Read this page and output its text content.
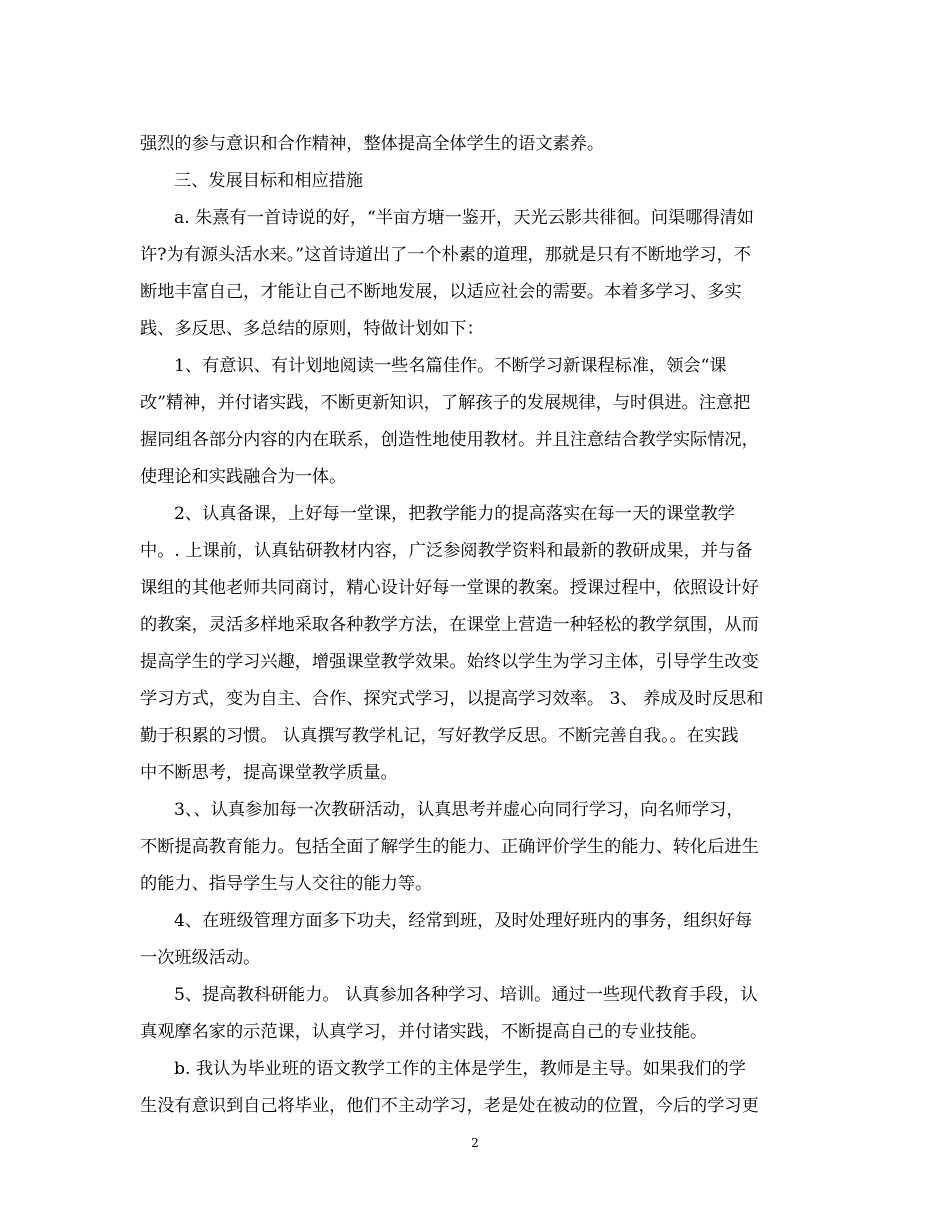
强烈的参与意识和合作精神，整体提高全体学生的语文素养。
三、发展目标和相应措施
a. 朱熹有一首诗说的好，“半亩方塘一鉴开，天光云影共徘徊。问渠哪得清如
许?为有源头活水来。”这首诗道出了一个朴素的道理，那就是只有不断地学习，不
断地丰富自己，才能让自己不断地发展，以适应社会的需要。本着多学习、多实
践、多反思、多总结的原则，特做计划如下：
1、有意识、有计划地阅读一些名篇佳作。不断学习新课程标准，领会“课
改”精神，并付诸实践，不断更新知识，了解孩子的发展规律，与时俱进。注意把
握同组各部分内容的内在联系，创造性地使用教材。并且注意结合教学实际情况，
使理论和实践融合为一体。
2、认真备课，上好每一堂课，把教学能力的提高落实在每一天的课堂教学
中。. 上课前，认真钻研教材内容，广泛参阅教学资料和最新的教研成果，并与备
课组的其他老师共同商讨，精心设计好每一堂课的教案。授课过程中，依照设计好
的教案，灵活多样地采取各种教学方法，在课堂上营造一种轻松的教学氛围，从而
提高学生的学习兴趣，增强课堂教学效果。始终以学生为学习主体，引导学生改变
学习方式，变为自主、合作、探究式学习，以提高学习效率。 3、 养成及时反思和
勤于积累的习惯。 认真撰写教学札记，写好教学反思。不断完善自我。。在实践
中不断思考，提高课堂教学质量。
3、、认真参加每一次教研活动，认真思考并虚心向同行学习，向名师学习，
不断提高教育能力。包括全面了解学生的能力、正确评价学生的能力、转化后进生
的能力、指导学生与人交往的能力等。
4、在班级管理方面多下功夫，经常到班，及时处理好班内的事务，组织好每
一次班级活动。
5、提高教科研能力。 认真参加各种学习、培训。通过一些现代教育手段，认
真观摩名家的示范课，认真学习，并付诸实践，不断提高自己的专业技能。
b. 我认为毕业班的语文教学工作的主体是学生，教师是主导。如果我们的学
生没有意识到自己将毕业，他们不主动学习，老是处在被动的位置，今后的学习更
2
